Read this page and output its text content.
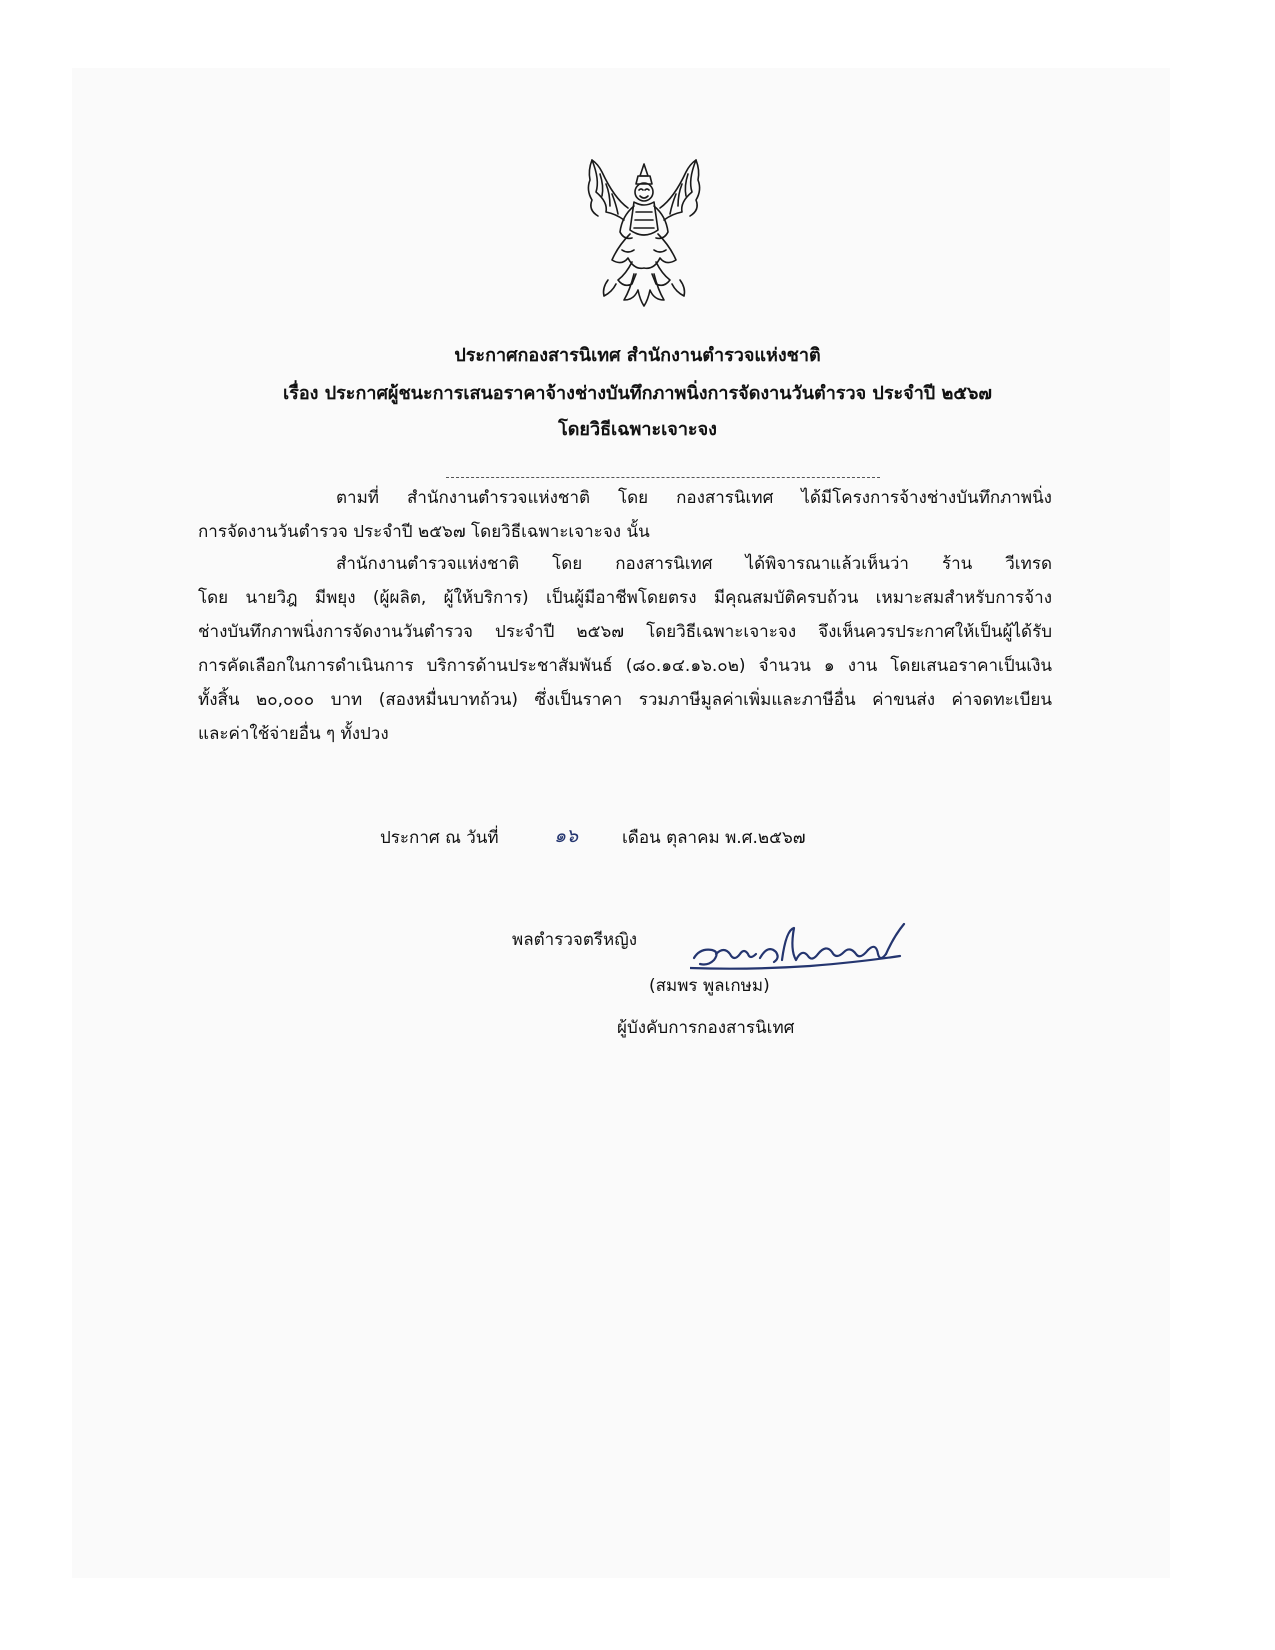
ประกาศกองสารนิเทศ สำนักงานตำรวจแห่งชาติ
เรื่อง ประกาศผู้ชนะการเสนอราคาจ้างช่างบันทึกภาพนิ่งการจัดงานวันตำรวจ ประจำปี ๒๕๖๗
โดยวิธีเฉพาะเจาะจง
ตามที่ สำนักงานตำรวจแห่งชาติ โดย กองสารนิเทศ ได้มีโครงการจ้างช่างบันทึกภาพนิ่ง
การจัดงานวันตำรวจ ประจำปี ๒๕๖๗ โดยวิธีเฉพาะเจาะจง นั้น
สำนักงานตำรวจแห่งชาติ โดย กองสารนิเทศ ได้พิจารณาแล้วเห็นว่า ร้าน วีเทรด
โดย นายวิฎ มีพยุง (ผู้ผลิต, ผู้ให้บริการ) เป็นผู้มีอาชีพโดยตรง มีคุณสมบัติครบถ้วน เหมาะสมสำหรับการจ้าง
ช่างบันทึกภาพนิ่งการจัดงานวันตำรวจ ประจำปี ๒๕๖๗ โดยวิธีเฉพาะเจาะจง จึงเห็นควรประกาศให้เป็นผู้ได้รับ
การคัดเลือกในการดำเนินการ บริการด้านประชาสัมพันธ์ (๘๐.๑๔.๑๖.๐๒) จำนวน ๑ งาน โดยเสนอราคาเป็นเงิน
ทั้งสิ้น ๒๐,๐๐๐ บาท (สองหมื่นบาทถ้วน) ซึ่งเป็นราคา รวมภาษีมูลค่าเพิ่มและภาษีอื่น ค่าขนส่ง ค่าจดทะเบียน
และค่าใช้จ่ายอื่น ๆ ทั้งปวง
ประกาศ ณ วันที่	๑๖	เดือน ตุลาคม พ.ศ.๒๕๖๗
พลตำรวจตรีหญิง
(สมพร พูลเกษม)
ผู้บังคับการกองสารนิเทศ
